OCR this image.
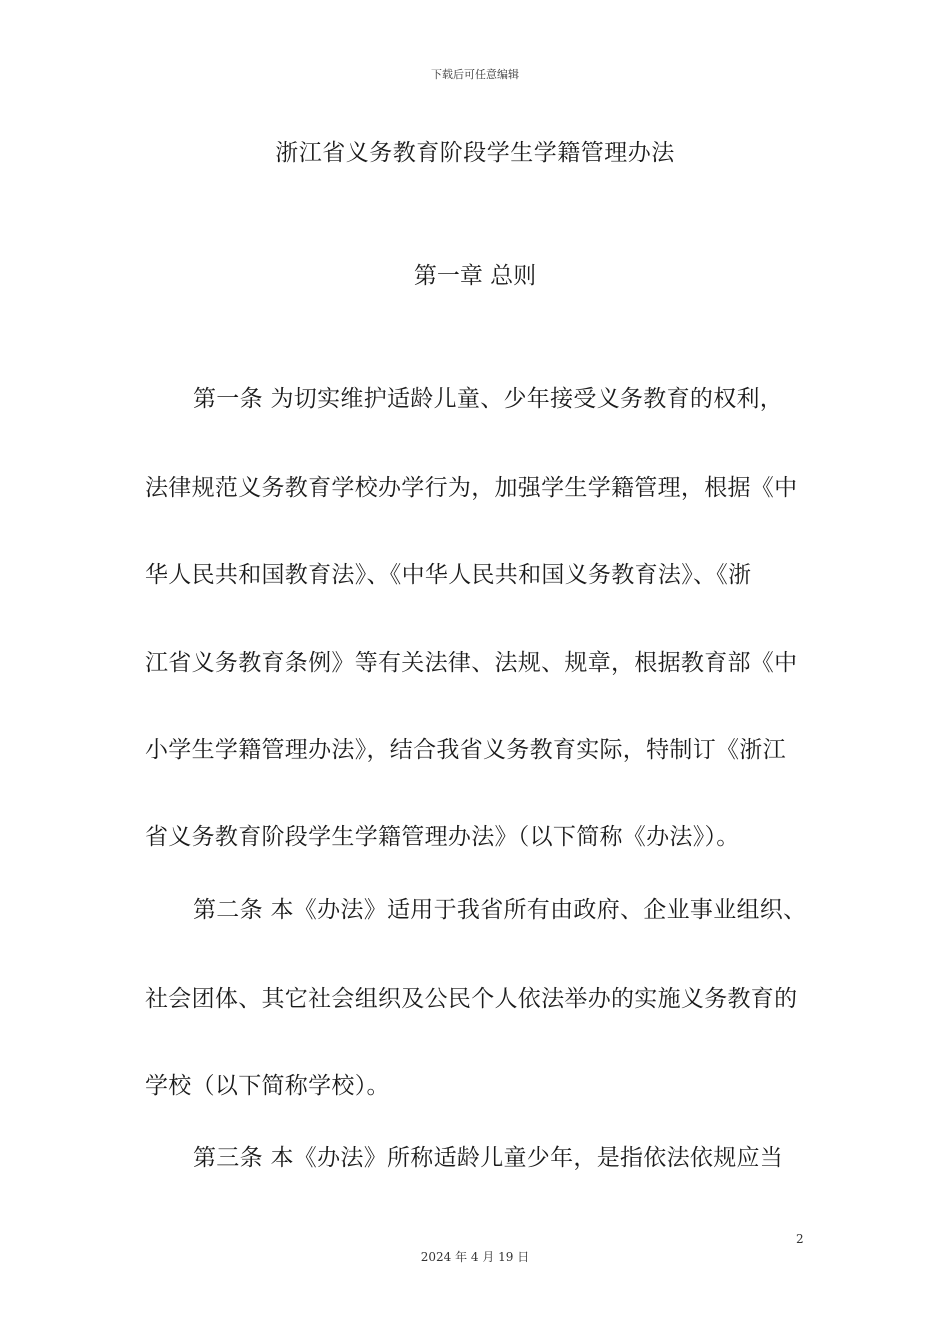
下载后可任意编辑
浙江省义务教育阶段学生学籍管理办法
第一章 总则
第一条 为切实维护适龄儿童、少年接受义务教育的权利，
法律规范义务教育学校办学行为，加强学生学籍管理，根据《中
华人民共和国教育法》、《中华人民共和国义务教育法》、《浙
江省义务教育条例》等有关法律、法规、规章，根据教育部《中
小学生学籍管理办法》，结合我省义务教育实际，特制订《浙江
省义务教育阶段学生学籍管理办法》（以下简称《办法》）。
第二条 本《办法》适用于我省所有由政府、企业事业组织、
社会团体、其它社会组织及公民个人依法举办的实施义务教育的
学校（以下简称学校）。
第三条 本《办法》所称适龄儿童少年，是指依法依规应当
2
2024 年 4 月 19 日
